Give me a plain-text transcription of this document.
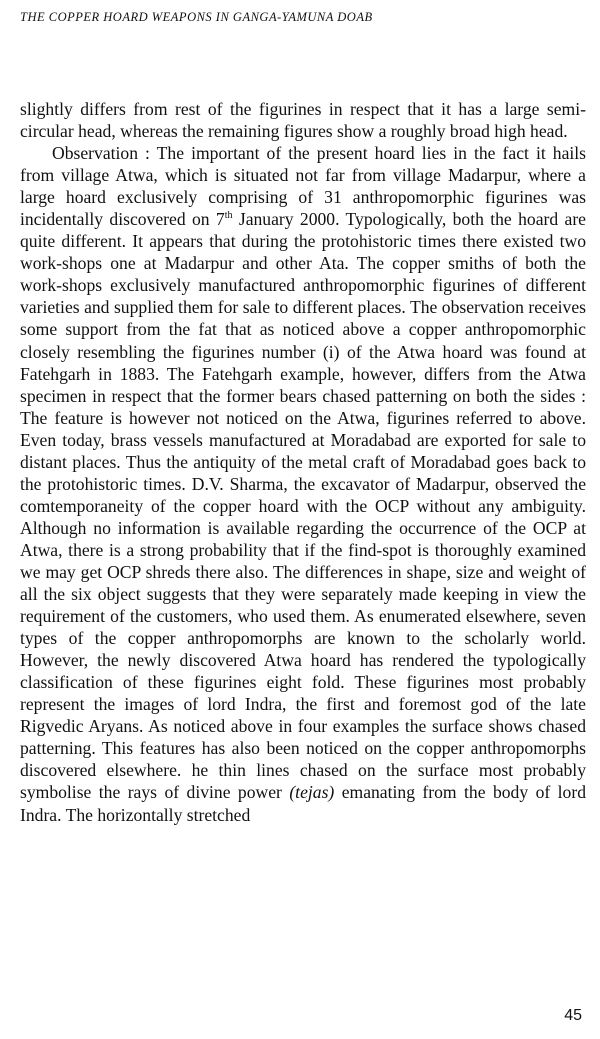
THE COPPER HOARD WEAPONS IN GANGA-YAMUNA DOAB

slightly differs from rest of the figurines in respect that it has a large semi-circular head, whereas the remaining figures show a roughly broad high head.

Observation : The important of the present hoard lies in the fact it hails from village Atwa, which is situated not far from village Madarpur, where a large hoard exclusively comprising of 31 anthropomorphic figurines was incidentally discovered on 7th January 2000. Typologically, both the hoard are quite different. It appears that during the protohistoric times there existed two work-shops one at Madarpur and other Ata. The copper smiths of both the work-shops exclusively manufactured anthropomorphic figurines of different varieties and supplied them for sale to different places. The observation receives some support from the fat that as noticed above a copper anthropomorphic closely resembling the figurines number (i) of the Atwa hoard was found at Fatehgarh in 1883. The Fatehgarh example, however, differs from the Atwa specimen in respect that the former bears chased patterning on both the sides : The feature is however not noticed on the Atwa, figurines referred to above. Even today, brass vessels manufactured at Moradabad are exported for sale to distant places. Thus the antiquity of the metal craft of Moradabad goes back to the protohistoric times. D.V. Sharma, the excavator of Madarpur, observed the comtemporaneity of the copper hoard with the OCP without any ambiguity. Although no information is available regarding the occurrence of the OCP at Atwa, there is a strong probability that if the find-spot is thoroughly examined we may get OCP shreds there also. The differences in shape, size and weight of all the six object suggests that they were separately made keeping in view the requirement of the customers, who used them. As enumerated elsewhere, seven types of the copper anthropomorphs are known to the scholarly world. However, the newly discovered Atwa hoard has rendered the typologically classification of these figurines eight fold. These figurines most probably represent the images of lord Indra, the first and foremost god of the late Rigvedic Aryans. As noticed above in four examples the surface shows chased patterning. This features has also been noticed on the copper anthropomorphs discovered elsewhere. he thin lines chased on the surface most probably symbolise the rays of divine power (tejas) emanating from the body of lord Indra. The horizontally stretched

45
